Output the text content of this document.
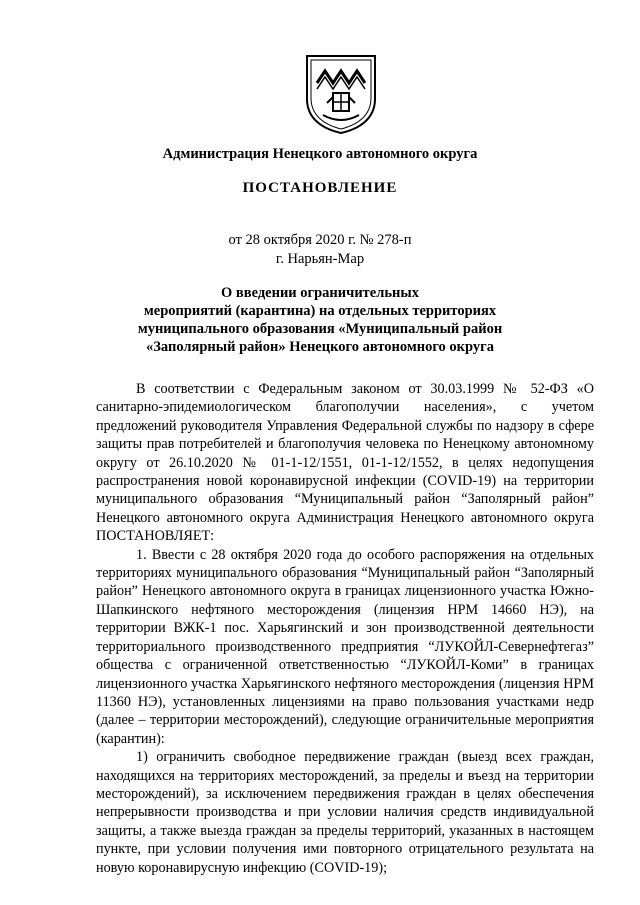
Администрация Ненецкого автономного округа
ПОСТАНОВЛЕНИЕ
от 28 октября 2020 г. № 278-п
г. Нарьян-Мар
О введении ограничительных
мероприятий (карантина) на отдельных территориях
муниципального образования «Муниципальный район
«Заполярный район» Ненецкого автономного округа

В соответствии с Федеральным законом от 30.03.1999 № 52-ФЗ «О санитарно-эпидемиологическом благополучии населения», с учетом предложений руководителя Управления Федеральной службы по надзору в сфере защиты прав потребителей и благополучия человека по Ненецкому автономному округу от 26.10.2020 № 01-1-12/1551, 01-1-12/1552, в целях недопущения распространения новой коронавирусной инфекции (COVID-19) на территории муниципального образования “Муниципальный район “Заполярный район” Ненецкого автономного округа Администрация Ненецкого автономного округа ПОСТАНОВЛЯЕТ:

1. Ввести с 28 октября 2020 года до особого распоряжения на отдельных территориях муниципального образования “Муниципальный район “Заполярный район” Ненецкого автономного округа в границах лицензионного участка Южно-Шапкинского нефтяного месторождения (лицензия НРМ 14660 НЭ), на территории ВЖК-1 пос. Харьягинский и зон производственной деятельности территориального производственного предприятия “ЛУКОЙЛ-Севернефтегаз” общества с ограниченной ответственностью “ЛУКОЙЛ-Коми” в границах лицензионного участка Харьягинского нефтяного месторождения (лицензия НРМ 11360 НЭ), установленных лицензиями на право пользования участками недр (далее – территории месторождений), следующие ограничительные мероприятия (карантин):

1) ограничить свободное передвижение граждан (выезд всех граждан, находящихся на территориях месторождений, за пределы и въезд на территории месторождений), за исключением передвижения граждан в целях обеспечения непрерывности производства и при условии наличия средств индивидуальной защиты, а также выезда граждан за пределы территорий, указанных в настоящем пункте, при условии получения ими повторного отрицательного результата на новую коронавирусную инфекцию (COVID-19);
